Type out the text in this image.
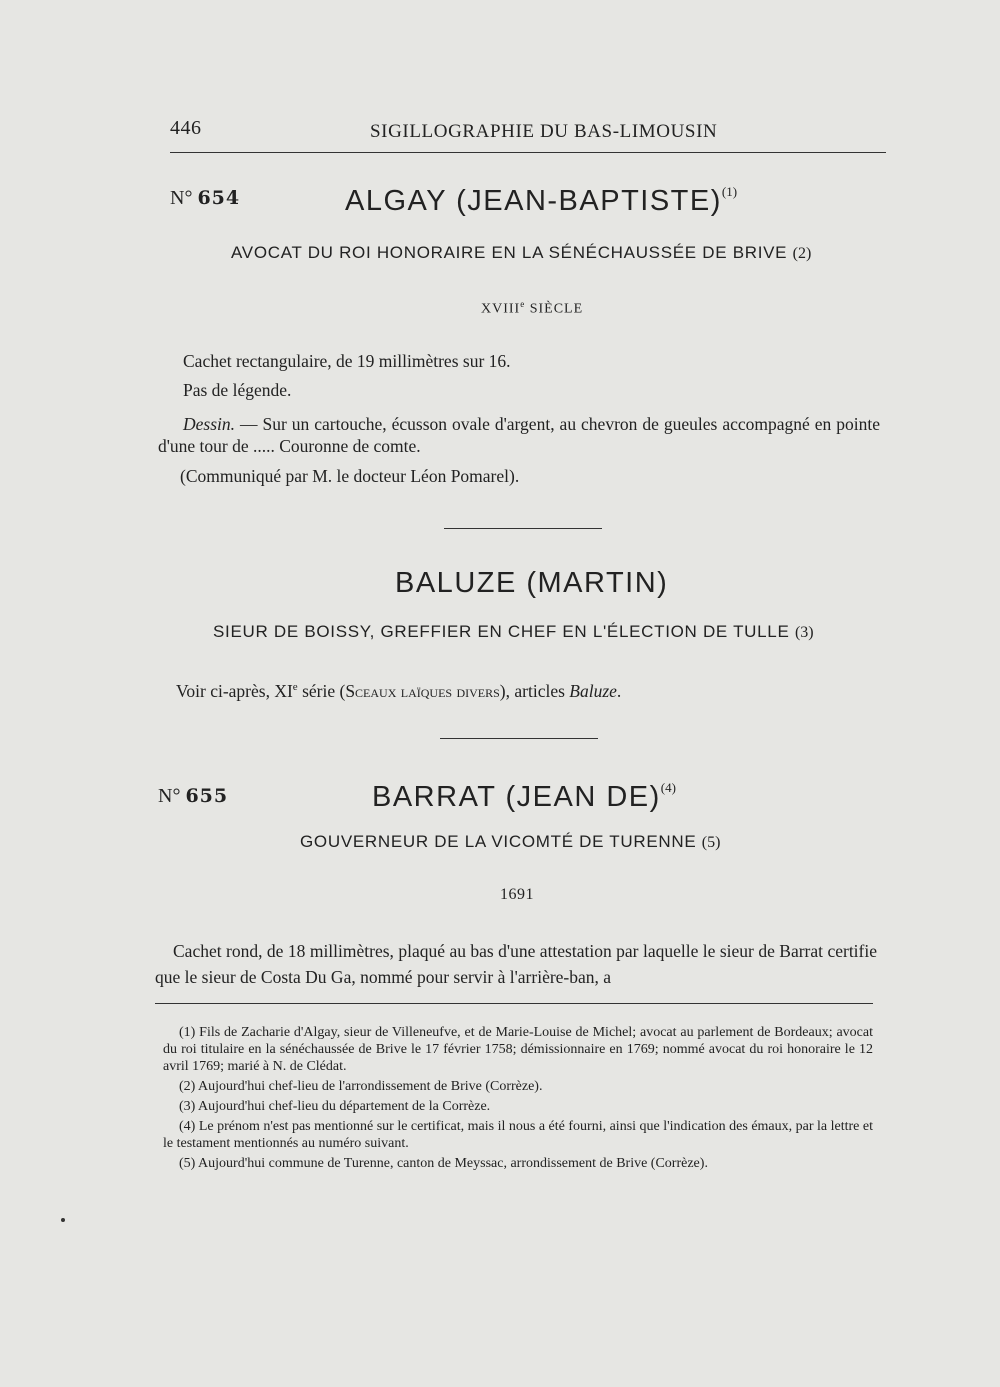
446	SIGILLOGRAPHIE DU BAS-LIMOUSIN
N° 654	ALGAY (JEAN-BAPTISTE)$^{(1)}$
AVOCAT DU ROI HONORAIRE EN LA SÉNÉCHAUSSÉE DE BRIVE (2)
XVIIIe SIÈCLE

Cachet rectangulaire, de 19 millimètres sur 16.

Pas de légende.

Dessin. — Sur un cartouche, écusson ovale d'argent, au chevron de gueules accompagné en pointe d'une tour de ..... Couronne de comte.

(Communiqué par M. le docteur Léon Pomarel).

BALUZE (MARTIN)
SIEUR DE BOISSY, GREFFIER EN CHEF EN L'ÉLECTION DE TULLE (3)

Voir ci-après, XIe série (Sceaux laïques divers), articles Baluze.

N° 655	BARRAT (JEAN DE)$^{(4)}$
GOUVERNEUR DE LA VICOMTÉ DE TURENNE (5)
1691

Cachet rond, de 18 millimètres, plaqué au bas d'une attestation par laquelle le sieur de Barrat certifie que le sieur de Costa Du Ga, nommé pour servir à l'arrière-ban, a

(1) Fils de Zacharie d'Algay, sieur de Villeneufve, et de Marie-Louise de Michel; avocat au parlement de Bordeaux; avocat du roi titulaire en la sénéchaussée de Brive le 17 février 1758; démissionnaire en 1769; nommé avocat du roi honoraire le 12 avril 1769; marié à N. de Clédat.

(2) Aujourd'hui chef-lieu de l'arrondissement de Brive (Corrèze).

(3) Aujourd'hui chef-lieu du département de la Corrèze.

(4) Le prénom n'est pas mentionné sur le certificat, mais il nous a été fourni, ainsi que l'indication des émaux, par la lettre et le testament mentionnés au numéro suivant.

(5) Aujourd'hui commune de Turenne, canton de Meyssac, arrondissement de Brive (Corrèze).
